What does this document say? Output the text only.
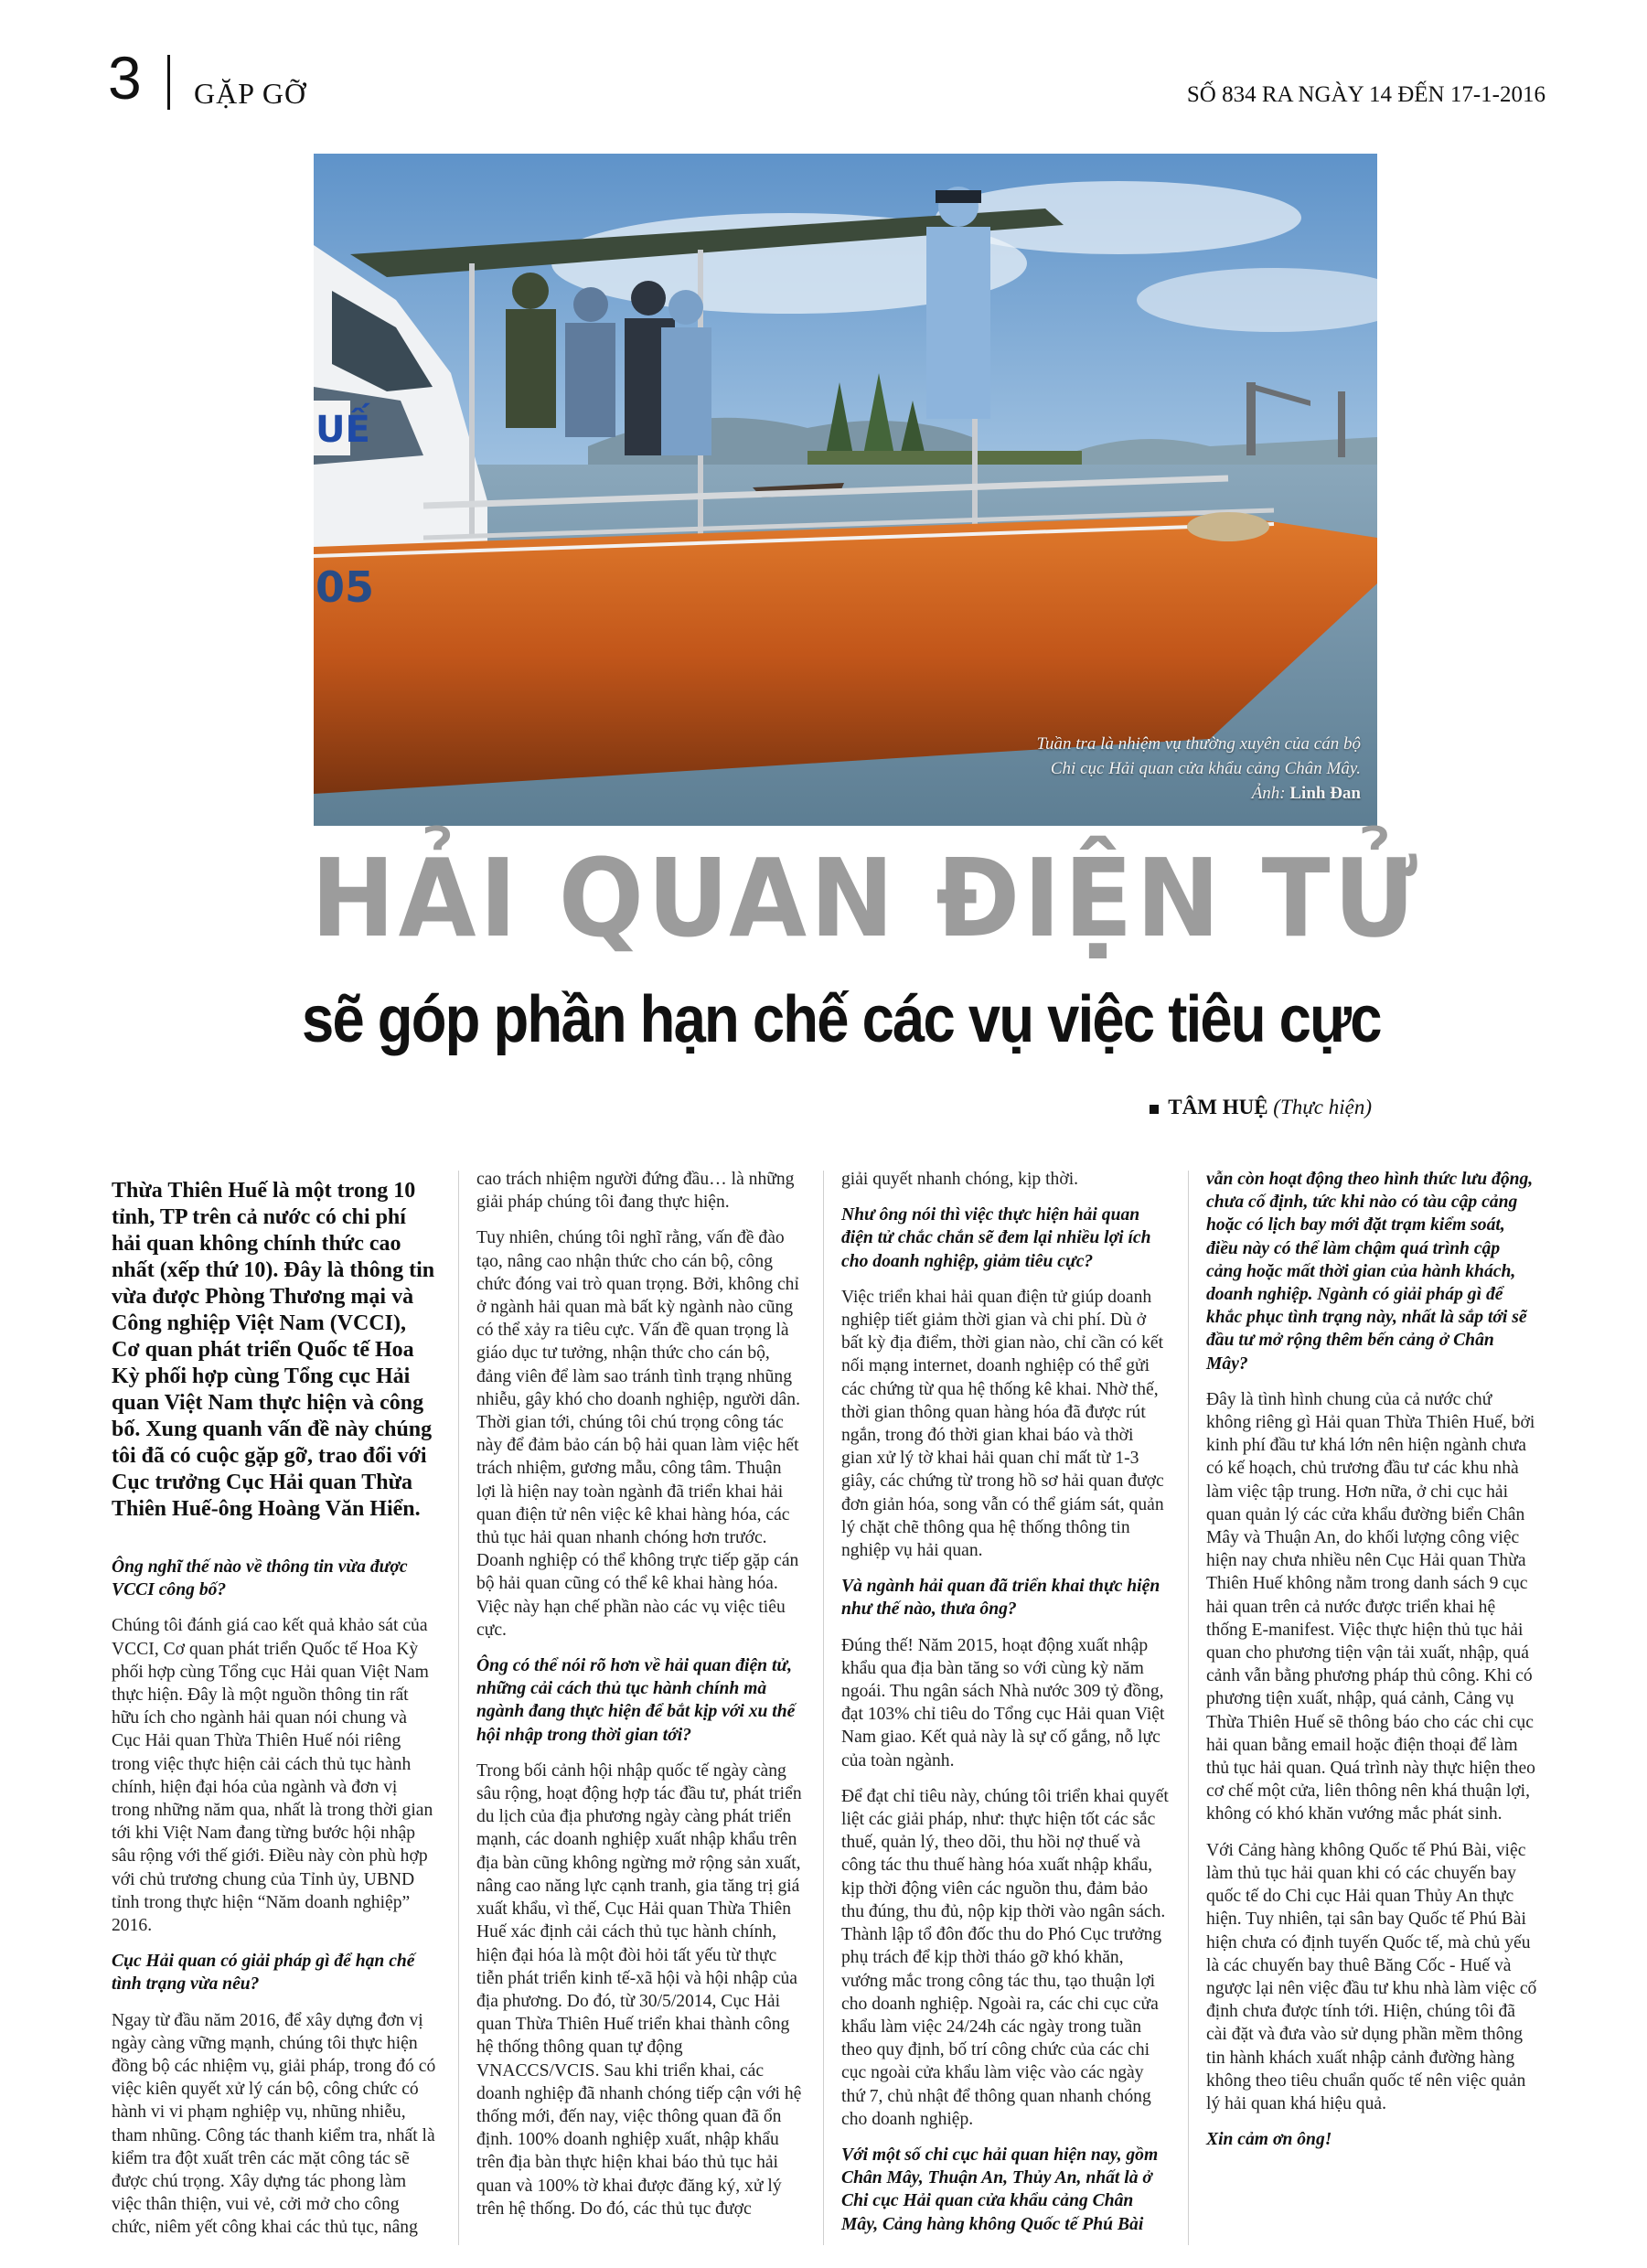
3 GẶP GỠ	SỐ 834 RA NGÀY 14 ĐẾN 17-1-2016
UẾ
05
Tuần tra là nhiệm vụ thường xuyên của cán bộ
Chi cục Hải quan cửa khẩu cảng Chân Mây.
Ảnh: Linh Đan
HẢI QUAN ĐIỆN TỬ
sẽ góp phần hạn chế các vụ việc tiêu cực
TÂM HUỆ (Thực hiện)

Thừa Thiên Huế là một trong 10 tỉnh, TP trên cả nước có chi phí hải quan không chính thức cao nhất (xếp thứ 10). Đây là thông tin vừa được Phòng Thương mại và Công nghiệp Việt Nam (VCCI), Cơ quan phát triển Quốc tế Hoa Kỳ phối hợp cùng Tổng cục Hải quan Việt Nam thực hiện và công bố. Xung quanh vấn đề này chúng tôi đã có cuộc gặp gỡ, trao đổi với Cục trưởng Cục Hải quan Thừa Thiên Huế-ông Hoàng Văn Hiển.

Ông nghĩ thế nào về thông tin vừa được VCCI công bố?

Chúng tôi đánh giá cao kết quả khảo sát của VCCI, Cơ quan phát triển Quốc tế Hoa Kỳ phối hợp cùng Tổng cục Hải quan Việt Nam thực hiện. Đây là một nguồn thông tin rất hữu ích cho ngành hải quan nói chung và Cục Hải quan Thừa Thiên Huế nói riêng trong việc thực hiện cải cách thủ tục hành chính, hiện đại hóa của ngành và đơn vị trong những năm qua, nhất là trong thời gian tới khi Việt Nam đang từng bước hội nhập sâu rộng với thế giới. Điều này còn phù hợp với chủ trương chung của Tỉnh ủy, UBND tỉnh trong thực hiện “Năm doanh nghiệp” 2016.

Cục Hải quan có giải pháp gì để hạn chế tình trạng vừa nêu?

Ngay từ đầu năm 2016, để xây dựng đơn vị ngày càng vững mạnh, chúng tôi thực hiện đồng bộ các nhiệm vụ, giải pháp, trong đó có việc kiên quyết xử lý cán bộ, công chức có hành vi vi phạm nghiệp vụ, nhũng nhiễu, tham nhũng. Công tác thanh kiểm tra, nhất là kiểm tra đột xuất trên các mặt công tác sẽ được chú trọng. Xây dựng tác phong làm việc thân thiện, vui vẻ, cởi mở cho công chức, niêm yết công khai các thủ tục, nâng

cao trách nhiệm người đứng đầu… là những giải pháp chúng tôi đang thực hiện.

Tuy nhiên, chúng tôi nghĩ rằng, vấn đề đào tạo, nâng cao nhận thức cho cán bộ, công chức đóng vai trò quan trọng. Bởi, không chỉ ở ngành hải quan mà bất kỳ ngành nào cũng có thể xảy ra tiêu cực. Vấn đề quan trọng là giáo dục tư tưởng, nhận thức cho cán bộ, đảng viên để làm sao tránh tình trạng nhũng nhiễu, gây khó cho doanh nghiệp, người dân. Thời gian tới, chúng tôi chú trọng công tác này để đảm bảo cán bộ hải quan làm việc hết trách nhiệm, gương mẫu, công tâm. Thuận lợi là hiện nay toàn ngành đã triển khai hải quan điện tử nên việc kê khai hàng hóa, các thủ tục hải quan nhanh chóng hơn trước. Doanh nghiệp có thể không trực tiếp gặp cán bộ hải quan cũng có thể kê khai hàng hóa. Việc này hạn chế phần nào các vụ việc tiêu cực.

Ông có thể nói rõ hơn về hải quan điện tử, những cải cách thủ tục hành chính mà ngành đang thực hiện để bắt kịp với xu thế hội nhập trong thời gian tới?

Trong bối cảnh hội nhập quốc tế ngày càng sâu rộng, hoạt động hợp tác đầu tư, phát triển du lịch của địa phương ngày càng phát triển mạnh, các doanh nghiệp xuất nhập khẩu trên địa bàn cũng không ngừng mở rộng sản xuất, nâng cao năng lực cạnh tranh, gia tăng trị giá xuất khẩu, vì thế, Cục Hải quan Thừa Thiên Huế xác định cải cách thủ tục hành chính, hiện đại hóa là một đòi hỏi tất yếu từ thực tiễn phát triển kinh tế-xã hội và hội nhập của địa phương. Do đó, từ 30/5/2014, Cục Hải quan Thừa Thiên Huế triển khai thành công hệ thống thông quan tự động VNACCS/VCIS. Sau khi triển khai, các doanh nghiệp đã nhanh chóng tiếp cận với hệ thống mới, đến nay, việc thông quan đã ổn định. 100% doanh nghiệp xuất, nhập khẩu trên địa bàn thực hiện khai báo thủ tục hải quan và 100% tờ khai được đăng ký, xử lý trên hệ thống. Do đó, các thủ tục được

giải quyết nhanh chóng, kịp thời.

Như ông nói thì việc thực hiện hải quan điện tử chắc chắn sẽ đem lại nhiều lợi ích cho doanh nghiệp, giảm tiêu cực?

Việc triển khai hải quan điện tử giúp doanh nghiệp tiết giảm thời gian và chi phí. Dù ở bất kỳ địa điểm, thời gian nào, chỉ cần có kết nối mạng internet, doanh nghiệp có thể gửi các chứng từ qua hệ thống kê khai. Nhờ thế, thời gian thông quan hàng hóa đã được rút ngắn, trong đó thời gian khai báo và thời gian xử lý tờ khai hải quan chỉ mất từ 1-3 giây, các chứng từ trong hồ sơ hải quan được đơn giản hóa, song vẫn có thể giám sát, quản lý chặt chẽ thông qua hệ thống thông tin nghiệp vụ hải quan.

Và ngành hải quan đã triển khai thực hiện như thế nào, thưa ông?

Đúng thế! Năm 2015, hoạt động xuất nhập khẩu qua địa bàn tăng so với cùng kỳ năm ngoái. Thu ngân sách Nhà nước 309 tỷ đồng, đạt 103% chỉ tiêu do Tổng cục Hải quan Việt Nam giao. Kết quả này là sự cố gắng, nỗ lực của toàn ngành.

Để đạt chỉ tiêu này, chúng tôi triển khai quyết liệt các giải pháp, như: thực hiện tốt các sắc thuế, quản lý, theo dõi, thu hồi nợ thuế và công tác thu thuế hàng hóa xuất nhập khẩu, kịp thời động viên các nguồn thu, đảm bảo thu đúng, thu đủ, nộp kịp thời vào ngân sách. Thành lập tổ đôn đốc thu do Phó Cục trưởng phụ trách để kịp thời tháo gỡ khó khăn, vướng mắc trong công tác thu, tạo thuận lợi cho doanh nghiệp. Ngoài ra, các chi cục cửa khẩu làm việc 24/24h các ngày trong tuần theo quy định, bố trí công chức của các chi cục ngoài cửa khẩu làm việc vào các ngày thứ 7, chủ nhật để thông quan nhanh chóng cho doanh nghiệp.

Với một số chi cục hải quan hiện nay, gồm Chân Mây, Thuận An, Thủy An, nhất là ở Chi cục Hải quan cửa khẩu cảng Chân Mây, Cảng hàng không Quốc tế Phú Bài

vẫn còn hoạt động theo hình thức lưu động, chưa cố định, tức khi nào có tàu cập cảng hoặc có lịch bay mới đặt trạm kiểm soát, điều này có thể làm chậm quá trình cập cảng hoặc mất thời gian của hành khách, doanh nghiệp. Ngành có giải pháp gì để khắc phục tình trạng này, nhất là sắp tới sẽ đầu tư mở rộng thêm bến cảng ở Chân Mây?

Đây là tình hình chung của cả nước chứ không riêng gì Hải quan Thừa Thiên Huế, bởi kinh phí đầu tư khá lớn nên hiện ngành chưa có kế hoạch, chủ trương đầu tư các khu nhà làm việc tập trung. Hơn nữa, ở chi cục hải quan quản lý các cửa khẩu đường biển Chân Mây và Thuận An, do khối lượng công việc hiện nay chưa nhiều nên Cục Hải quan Thừa Thiên Huế không nằm trong danh sách 9 cục hải quan trên cả nước được triển khai hệ thống E-manifest. Việc thực hiện thủ tục hải quan cho phương tiện vận tải xuất, nhập, quá cảnh vẫn bằng phương pháp thủ công. Khi có phương tiện xuất, nhập, quá cảnh, Cảng vụ Thừa Thiên Huế sẽ thông báo cho các chi cục hải quan bằng email hoặc điện thoại để làm thủ tục hải quan. Quá trình này thực hiện theo cơ chế một cửa, liên thông nên khá thuận lợi, không có khó khăn vướng mắc phát sinh.

Với Cảng hàng không Quốc tế Phú Bài, việc làm thủ tục hải quan khi có các chuyến bay quốc tế do Chi cục Hải quan Thủy An thực hiện. Tuy nhiên, tại sân bay Quốc tế Phú Bài hiện chưa có định tuyến Quốc tế, mà chủ yếu là các chuyến bay thuê Băng Cốc - Huế và ngược lại nên việc đầu tư khu nhà làm việc cố định chưa được tính tới. Hiện, chúng tôi đã cài đặt và đưa vào sử dụng phần mềm thông tin hành khách xuất nhập cảnh đường hàng không theo tiêu chuẩn quốc tế nên việc quản lý hải quan khá hiệu quả.

Xin cảm ơn ông!
